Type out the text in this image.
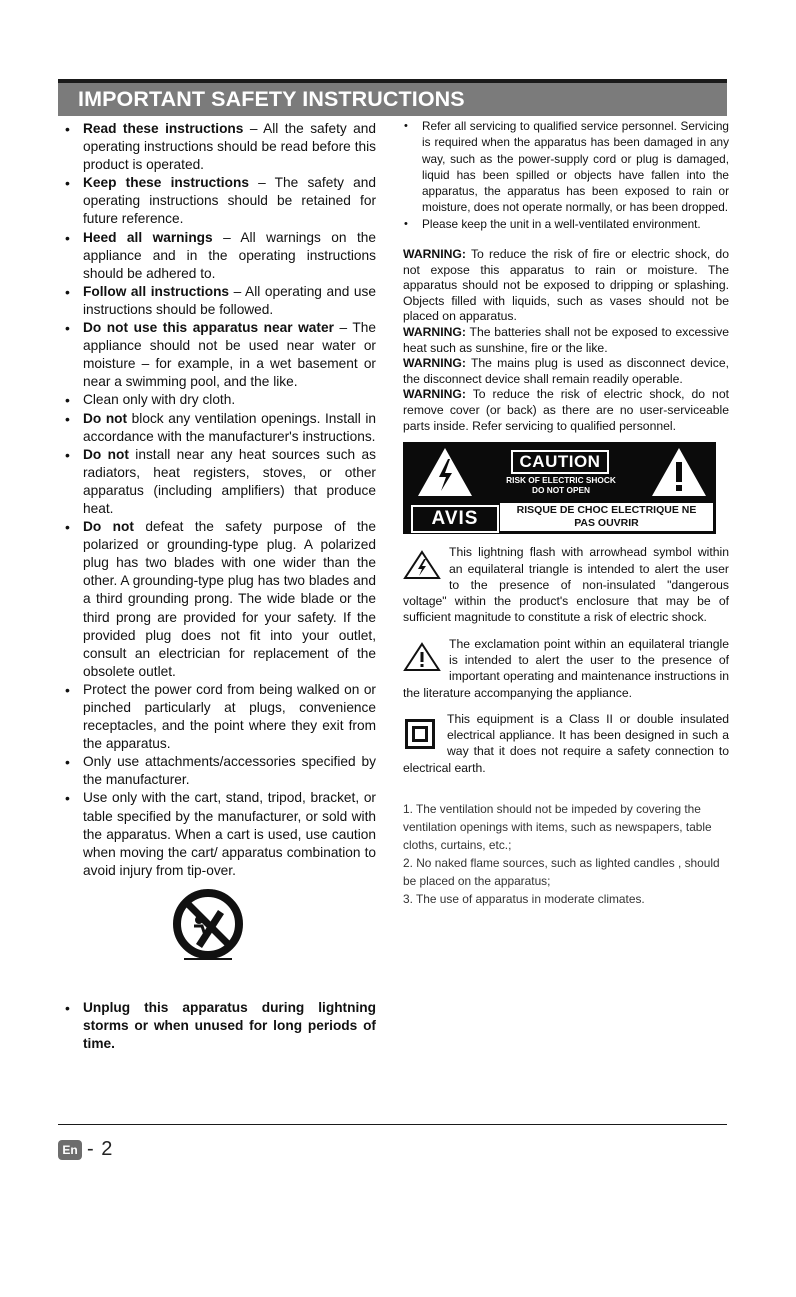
IMPORTANT SAFETY INSTRUCTIONS

• Read these instructions – All the safety and operating instructions should be read before this product is operated.

• Keep these instructions – The safety and operating instructions should be retained for future reference.

• Heed all warnings – All warnings on the appliance and in the operating instructions should be adhered to.

• Follow all instructions – All operating and use instructions should be followed.

• Do not use this apparatus near water – The appliance should not be used near water or moisture – for example, in a wet basement or near a swimming pool, and the like.

• Clean only with dry cloth.

• Do not block any ventilation openings. Install in accordance with the manufacturer's instructions.

• Do not install near any heat sources such as radiators, heat registers, stoves, or other apparatus (including amplifiers) that produce heat.

• Do not defeat the safety purpose of the polarized or grounding-type plug. A polarized plug has two blades with one wider than the other. A grounding-type plug has two blades and a third grounding prong. The wide blade or the third prong are provided for your safety. If the provided plug does not fit into your outlet, consult an electrician for replacement of the obsolete outlet.

• Protect the power cord from being walked on or pinched particularly at plugs, convenience receptacles, and the point where they exit from the apparatus.

• Only use attachments/accessories specified by the manufacturer.

• Use only with the cart, stand, tripod, bracket, or table specified by the manufacturer, or sold with the apparatus. When a cart is used, use caution when moving the cart/ apparatus combination to avoid injury from tip-over.

• Unplug this apparatus during lightning storms or when unused for long periods of time.

• Refer all servicing to qualified service personnel. Servicing is required when the apparatus has been damaged in any way, such as the power-supply cord or plug is damaged, liquid has been spilled or objects have fallen into the apparatus, the apparatus has been exposed to rain or moisture, does not operate normally, or has been dropped.

• Please keep the unit in a well-ventilated environment.

WARNING: To reduce the risk of fire or electric shock, do not expose this apparatus to rain or moisture. The apparatus should not be exposed to dripping or splashing. Objects filled with liquids, such as vases should not be placed on apparatus.

WARNING: The batteries shall not be exposed to excessive heat such as sunshine, fire or the like.

WARNING: The mains plug is used as disconnect device, the disconnect device shall remain readily operable.

WARNING: To reduce the risk of electric shock, do not remove cover (or back) as there are no user-serviceable parts inside. Refer servicing to qualified personnel.

CAUTION
RISK OF ELECTRIC SHOCK
DO NOT OPEN
AVIS	RISQUE DE CHOC ELECTRIQUE NE
PAS OUVRIR
This lightning flash with arrowhead symbol within an equilateral triangle is intended to alert the user to the presence of non-insulated "dangerous voltage" within the product's enclosure that may be of sufficient magnitude to constitute a risk of electric shock.
The exclamation point within an equilateral triangle is intended to alert the user to the presence of important operating and maintenance instructions in the literature accompanying the appliance.
This equipment is a Class II or double insulated electrical appliance. It has been designed in such a way that it does not require a safety connection to electrical earth.

1. The ventilation should not be impeded by covering the ventilation openings with items, such as newspapers, table cloths, curtains, etc.;

2. No naked flame sources, such as lighted candles , should be placed on the apparatus;

3. The use of apparatus in moderate climates.

En - 2
